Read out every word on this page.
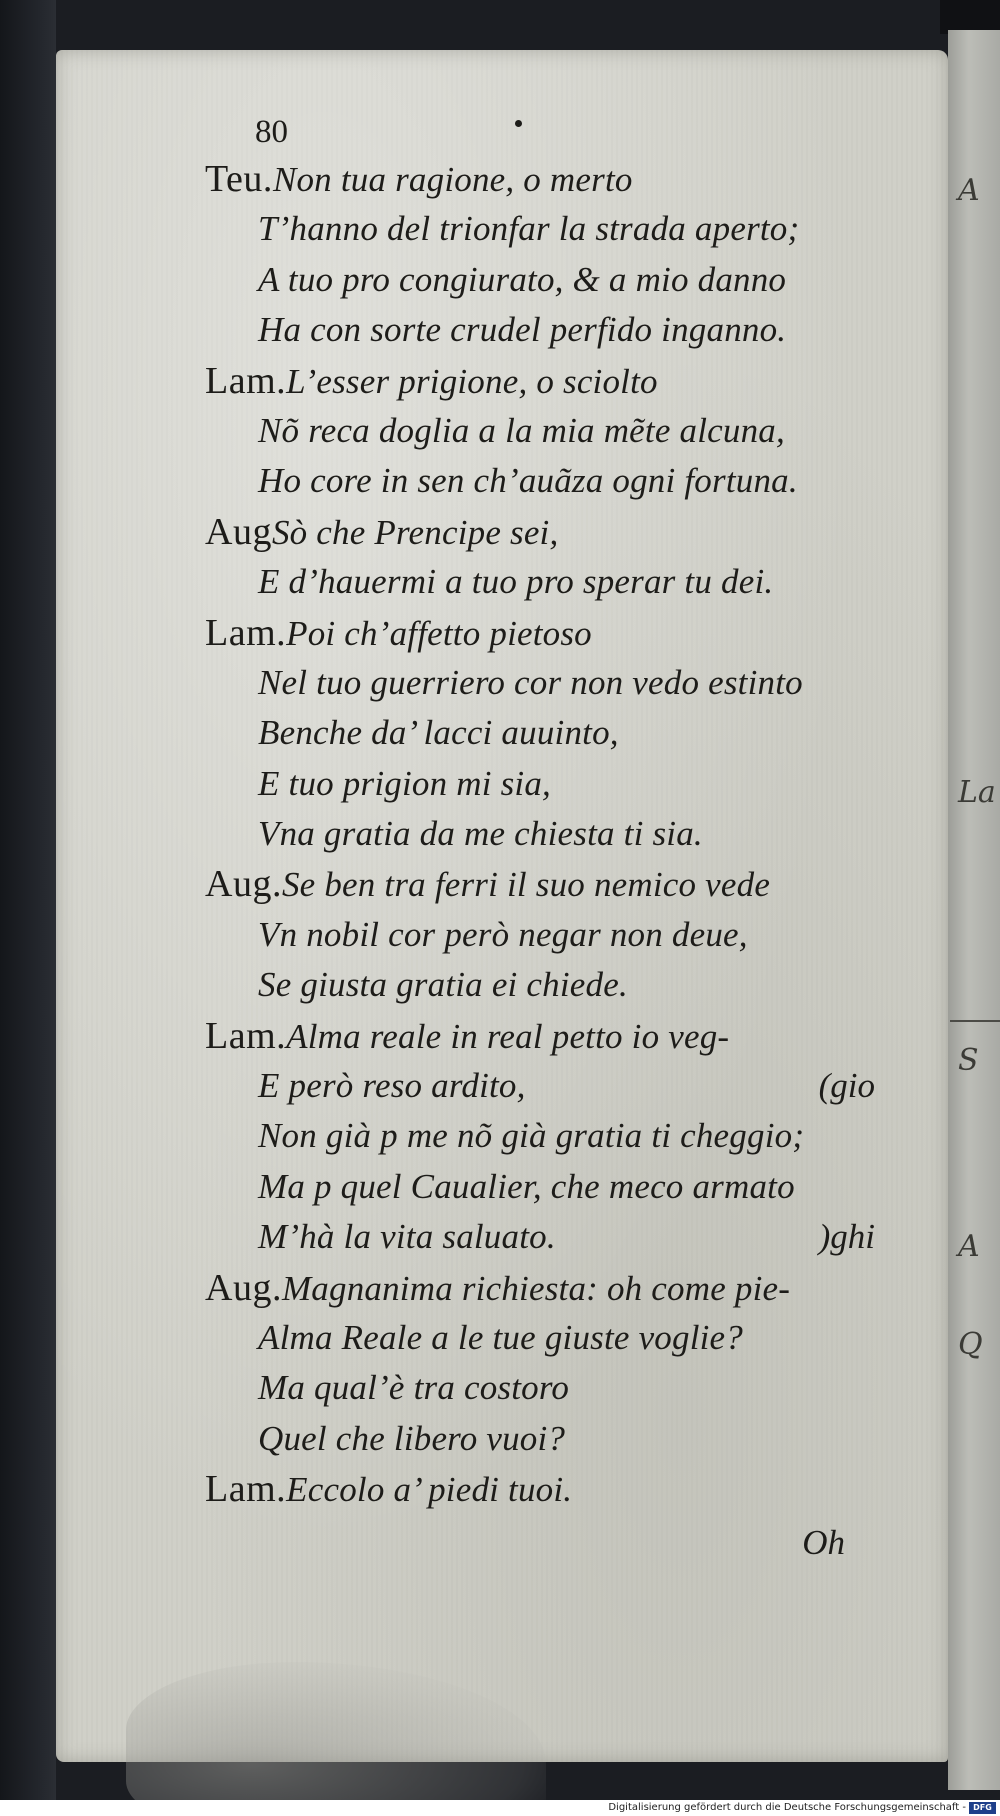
A
S
A
Q
La
80
Teu.Non tua ragione, o merto
T’hanno del trionfar la strada aperto;
A tuo pro congiurato, & a mio danno
Ha con sorte crudel perfido inganno.
Lam.L’esser prigione, o sciolto
Nõ reca doglia a la mia mẽte alcuna,
Ho core in sen ch’auãza ogni fortuna.
AugSò che Prencipe sei,
E d’hauermi a tuo pro sperar tu dei.
Lam.Poi ch’affetto pietoso
Nel tuo guerriero cor non vedo estinto
Benche da’ lacci auuinto,
E tuo prigion mi sia,
Vna gratia da me chiesta ti sia.
Aug.Se ben tra ferri il suo nemico vede
Vn nobil cor però negar non deue,
Se giusta gratia ei chiede.
Lam.Alma reale in real petto io veg-
E però reso ardito,	(gio
Non già p me nõ già gratia ti cheggio;
Ma p quel Caualier, che meco armato
M’hà la vita saluato.	)ghi
Aug.Magnanima richiesta: oh come pie-
Alma Reale a le tue giuste voglie?
Ma qual’è tra costoro
Quel che libero vuoi?
Lam.Eccolo a’ piedi tuoi.
Oh
Digitalisierung gefördert durch die Deutsche Forschungsgemeinschaft - DFG
